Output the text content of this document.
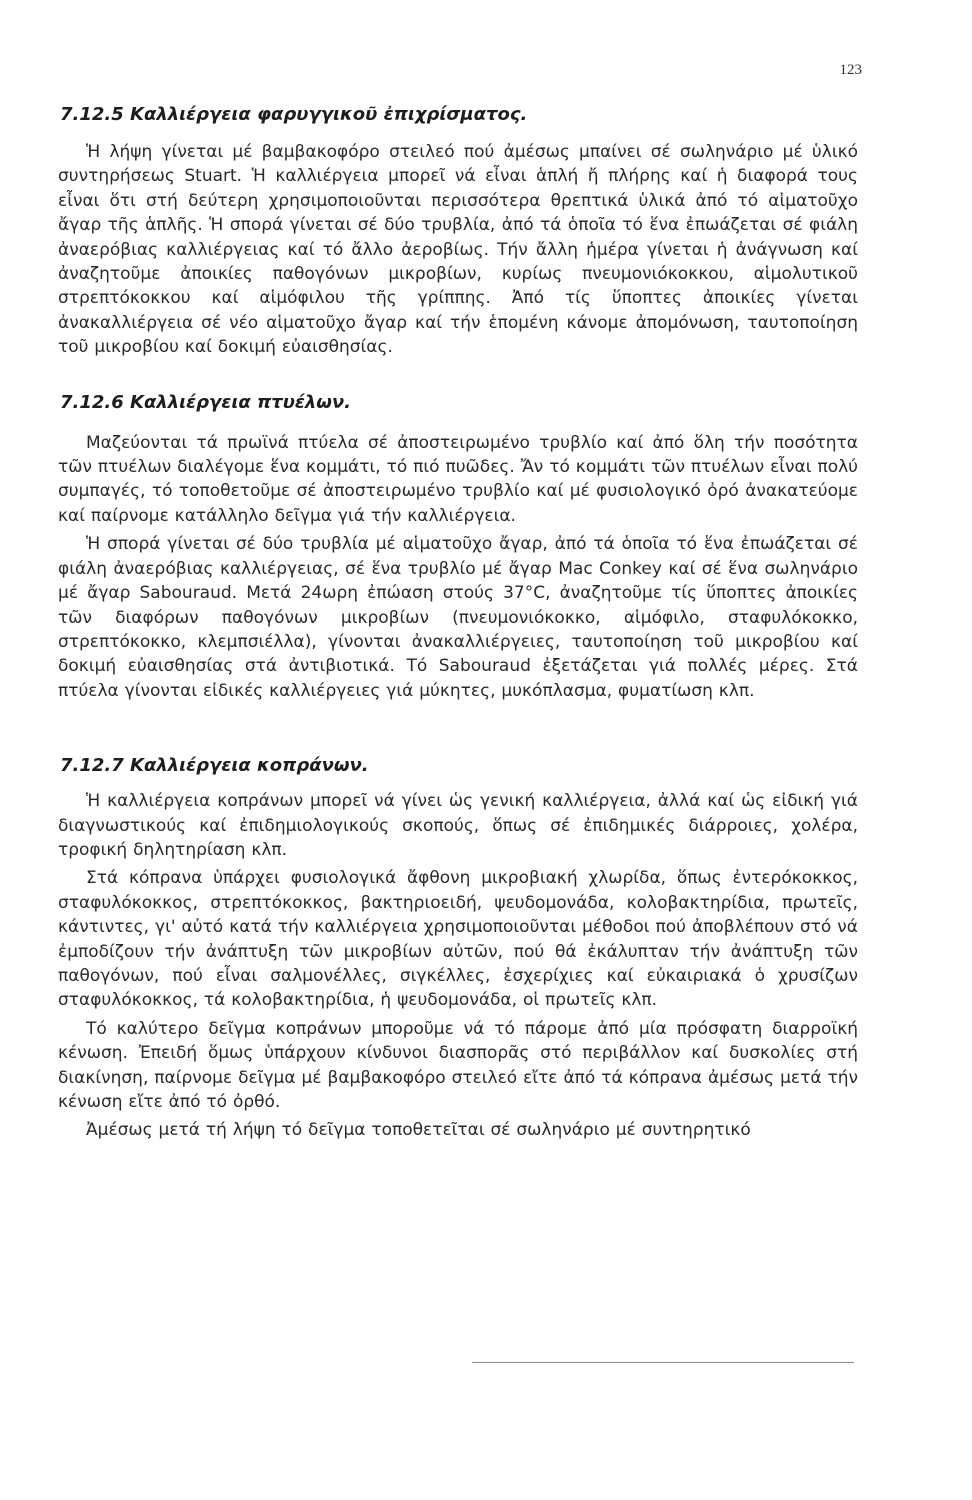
123
7.12.5 Καλλιέργεια φαρυγγικοῦ ἐπιχρίσματος.

Ἡ λήψη γίνεται μέ βαμβακοφόρο στειλεό πού ἀμέσως μπαίνει σέ σωληνάριο μέ ὑλικό συντηρήσεως Stuart. Ἡ καλλιέργεια μπορεῖ νά εἶναι ἁπλή ἤ πλήρης καί ἡ διαφορά τους εἶναι ὅτι στή δεύτερη χρησιμοποιοῦνται περισσότερα θρεπτικά ὑλικά ἀπό τό αἱματοῦχο ἄγαρ τῆς ἁπλῆς. Ἡ σπορά γίνεται σέ δύο τρυβλία, ἀπό τά ὁποῖα τό ἕνα ἐπωάζεται σέ φιάλη ἀναερόβιας καλλιέργειας καί τό ἄλλο ἀεροβίως. Τήν ἄλλη ἡμέρα γίνεται ἡ ἀνάγνωση καί ἀναζητοῦμε ἀποικίες παθογόνων μικροβίων, κυρίως πνευμονιόκοκκου, αἱμολυτικοῦ στρεπτόκοκκου καί αἱμόφιλου τῆς γρίππης. Ἀπό τίς ὕποπτες ἀποικίες γίνεται ἀνακαλλιέργεια σέ νέο αἱματοῦχο ἄγαρ καί τήν ἑπομένη κάνομε ἀπομόνωση, ταυτοποίηση τοῦ μικροβίου καί δοκιμή εὐαισθησίας.

7.12.6 Καλλιέργεια πτυέλων.

Μαζεύονται τά πρωϊνά πτύελα σέ ἀποστειρωμένο τρυβλίο καί ἀπό ὅλη τήν ποσότητα τῶν πτυέλων διαλέγομε ἕνα κομμάτι, τό πιό πυῶδες. Ἄν τό κομμάτι τῶν πτυέλων εἶναι πολύ συμπαγές, τό τοποθετοῦμε σέ ἀποστειρωμένο τρυβλίο καί μέ φυσιολογικό ὀρό ἀνακατεύομε καί παίρνομε κατάλληλο δεῖγμα γιά τήν καλλιέργεια.

Ἡ σπορά γίνεται σέ δύο τρυβλία μέ αἱματοῦχο ἄγαρ, ἀπό τά ὁποῖα τό ἕνα ἐπωάζεται σέ φιάλη ἀναερόβιας καλλιέργειας, σέ ἕνα τρυβλίο μέ ἄγαρ Mac Conkey καί σέ ἕνα σωληνάριο μέ ἄγαρ Sabouraud. Μετά 24ωρη ἐπώαση στούς 37°C, ἀναζητοῦμε τίς ὕποπτες ἀποικίες τῶν διαφόρων παθογόνων μικροβίων (πνευμονιόκοκκο, αἱμόφιλο, σταφυλόκοκκο, στρεπτόκοκκο, κλεμπσιέλλα), γίνονται ἀνακαλλιέργειες, ταυτοποίηση τοῦ μικροβίου καί δοκιμή εὐαισθησίας στά ἀντιβιοτικά. Τό Sabouraud ἐξετάζεται γιά πολλές μέρες. Στά πτύελα γίνονται εἰδικές καλλιέργειες γιά μύκητες, μυκόπλασμα, φυματίωση κλπ.

7.12.7 Καλλιέργεια κοπράνων.

Ἡ καλλιέργεια κοπράνων μπορεῖ νά γίνει ὡς γενική καλλιέργεια, ἀλλά καί ὡς εἰδική γιά διαγνωστικούς καί ἐπιδημιολογικούς σκοπούς, ὅπως σέ ἐπιδημικές διάρροιες, χολέρα, τροφική δηλητηρίαση κλπ.

Στά κόπρανα ὑπάρχει φυσιολογικά ἄφθονη μικροβιακή χλωρίδα, ὅπως ἐντερόκοκκος, σταφυλόκοκκος, στρεπτόκοκκος, βακτηριοειδή, ψευδομονάδα, κολοβακτηρίδια, πρωτεῖς, κάντιντες, γι' αὐτό κατά τήν καλλιέργεια χρησιμοποιοῦνται μέθοδοι πού ἀποβλέπουν στό νά ἐμποδίζουν τήν ἀνάπτυξη τῶν μικροβίων αὐτῶν, πού θά ἐκάλυπταν τήν ἀνάπτυξη τῶν παθογόνων, πού εἶναι σαλμονέλλες, σιγκέλλες, ἐσχερίχιες καί εὐκαιριακά ὁ χρυσίζων σταφυλόκοκκος, τά κολοβακτηρίδια, ἡ ψευδομονάδα, οἱ πρωτεῖς κλπ.

Τό καλύτερο δεῖγμα κοπράνων μποροῦμε νά τό πάρομε ἀπό μία πρόσφατη διαρροϊκή κένωση. Ἐπειδή ὅμως ὑπάρχουν κίνδυνοι διασπορᾶς στό περιβάλλον καί δυσκολίες στή διακίνηση, παίρνομε δεῖγμα μέ βαμβακοφόρο στειλεό εἴτε ἀπό τά κόπρανα ἀμέσως μετά τήν κένωση εἴτε ἀπό τό ὀρθό.

Ἀμέσως μετά τή λήψη τό δεῖγμα τοποθετεῖται σέ σωληνάριο μέ συντηρητικό
